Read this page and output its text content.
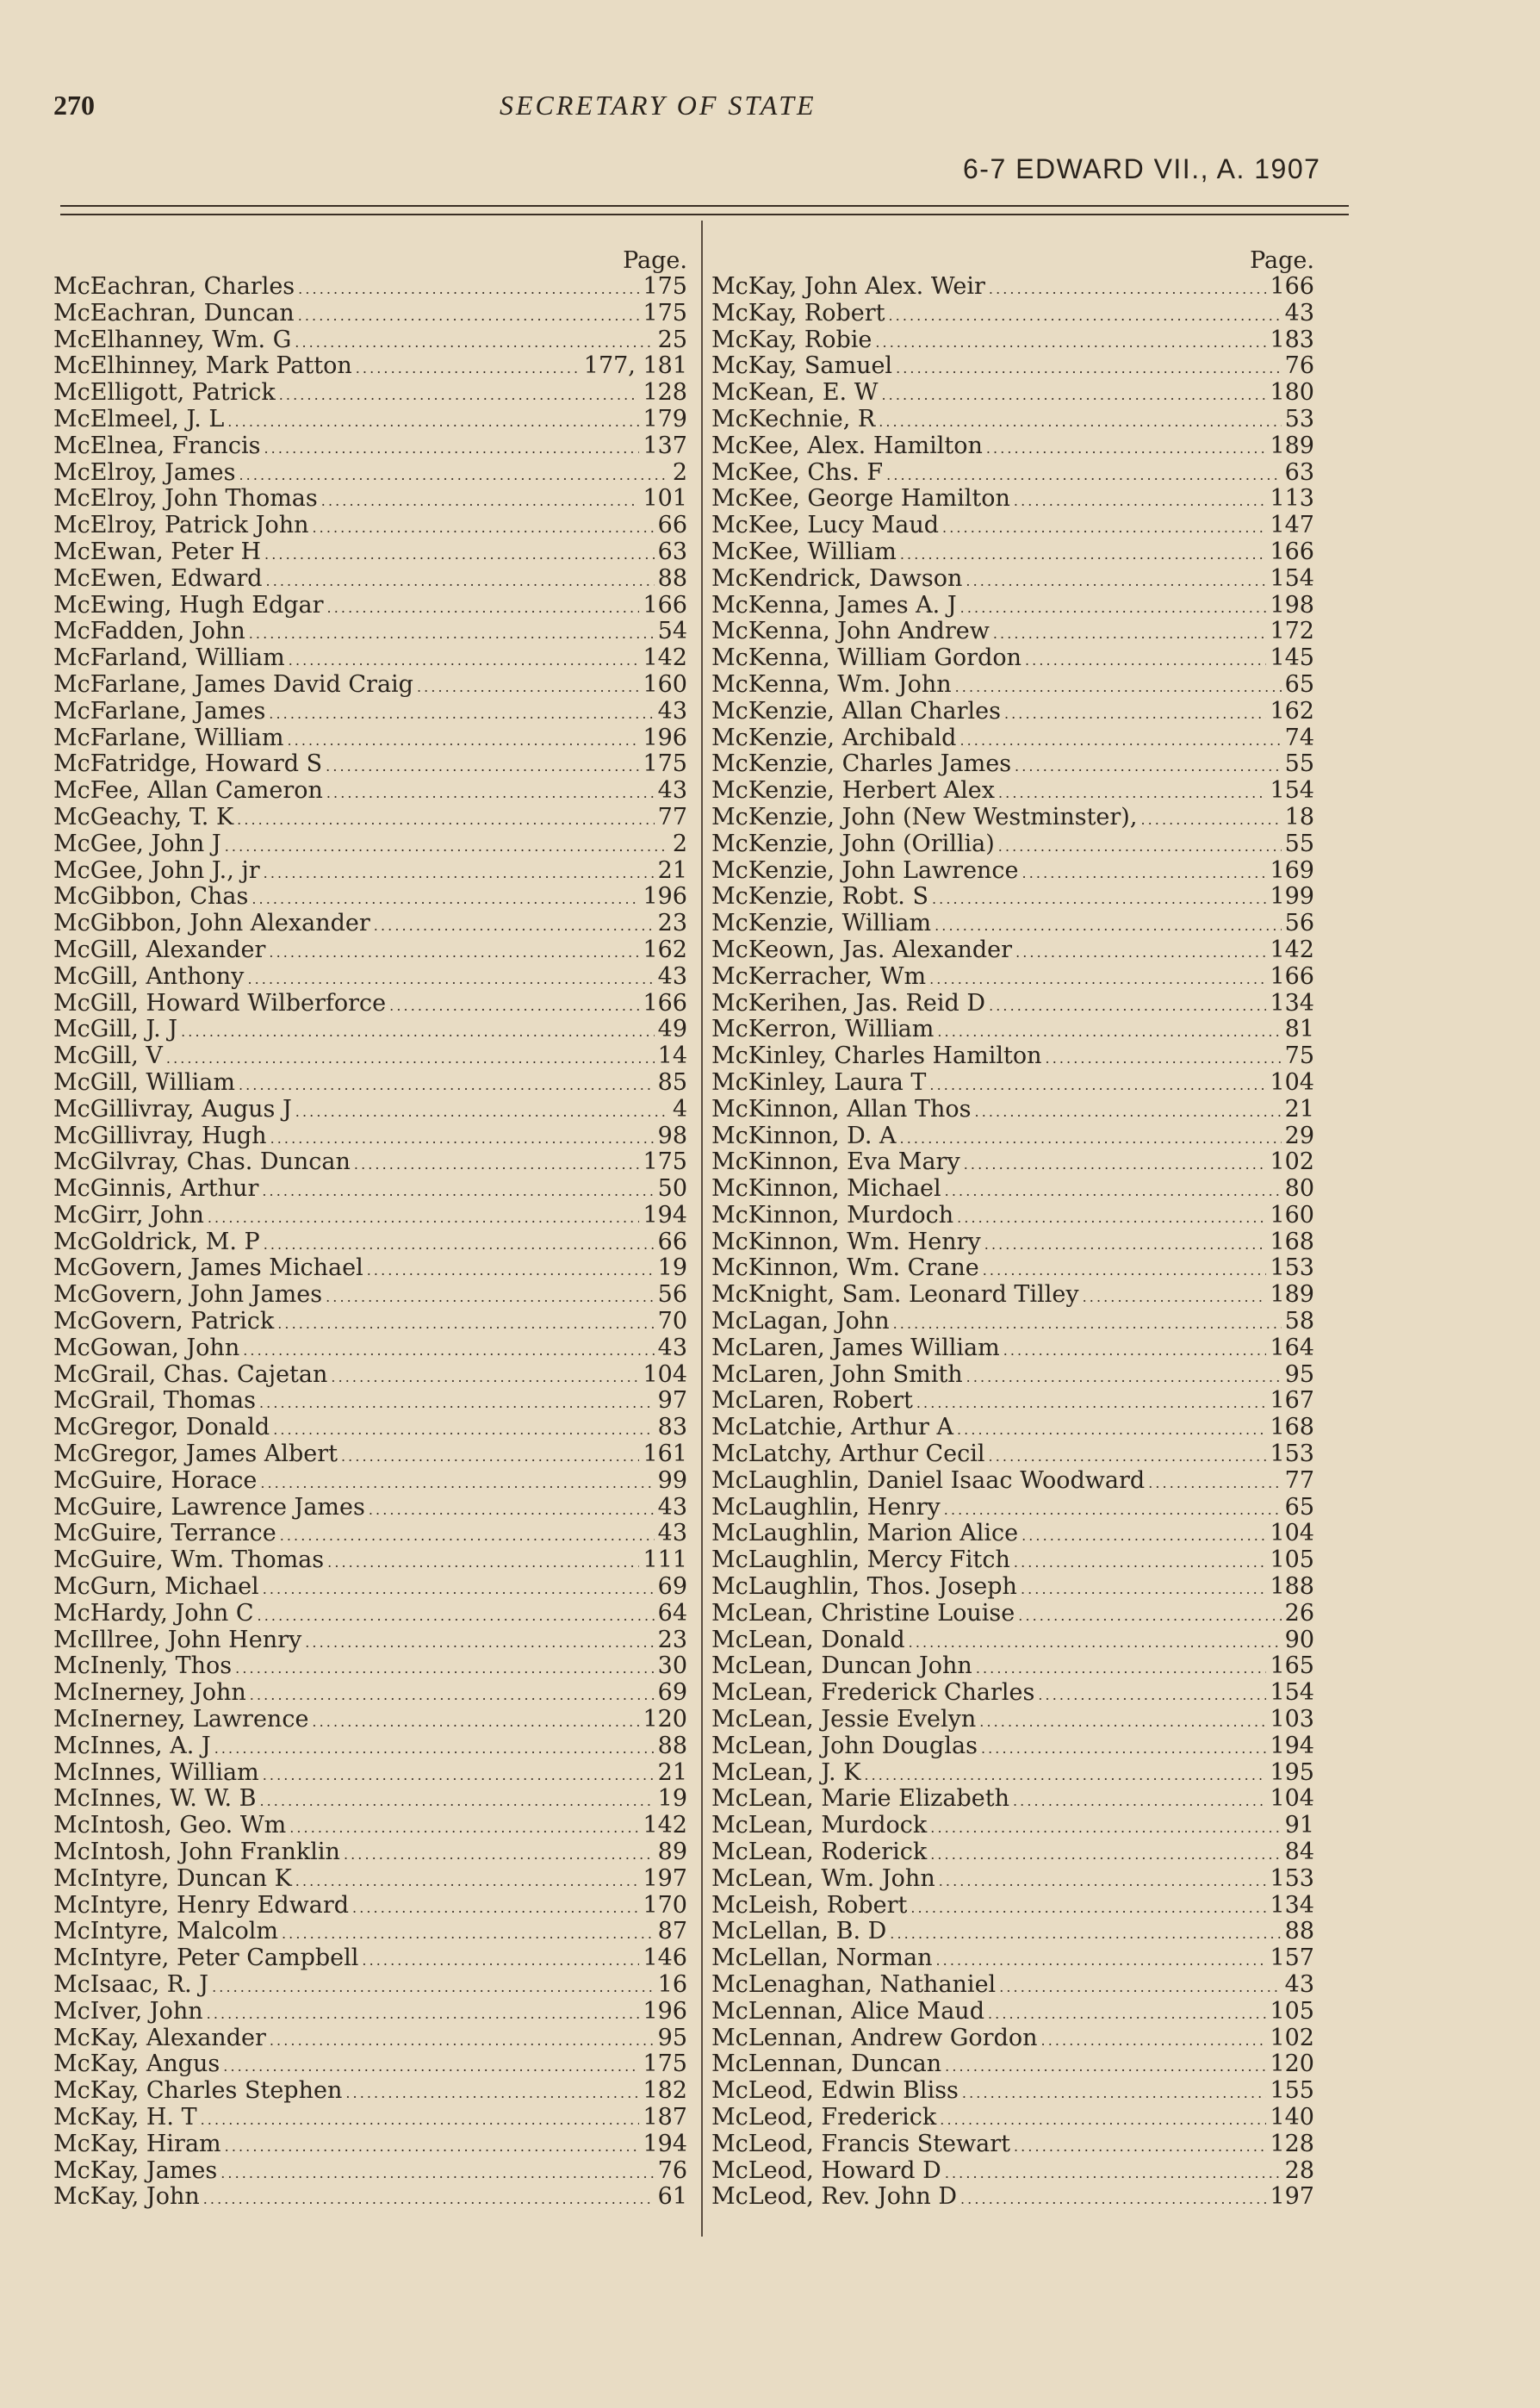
270	SECRETARY OF STATE
6-7 EDWARD VII., A. 1907
Page.
McEachran, Charles . . .	175
McEachran, Duncan . . .	175
McElhanney, Wm. G . . .	25
McElhinney, Mark Patton . . .	177, 181
McElligott, Patrick . . .	128
McElmeel, J. L . . .	179
McElnea, Francis . . .	137
McElroy, James . . .	2
McElroy, John Thomas . . .	101
McElroy, Patrick John . . .	66
McEwan, Peter H . . .	63
McEwen, Edward . . .	88
McEwing, Hugh Edgar . . .	166
McFadden, John . . .	54
McFarland, William . . .	142
McFarlane, James David Craig . . .	160
McFarlane, James . . .	43
McFarlane, William . . .	196
McFatridge, Howard S . . .	175
McFee, Allan Cameron . . .	43
McGeachy, T. K . . .	77
McGee, John J . . .	2
McGee, John J., jr . . .	21
McGibbon, Chas . . .	196
McGibbon, John Alexander . . .	23
McGill, Alexander . . .	162
McGill, Anthony . . .	43
McGill, Howard Wilberforce . . .	166
McGill, J. J . . .	49
McGill, V . . .	14
McGill, William . . .	85
McGillivray, Augus J . . .	4
McGillivray, Hugh . . .	98
McGilvray, Chas. Duncan . . .	175
McGinnis, Arthur . . .	50
McGirr, John . . .	194
McGoldrick, M. P . . .	66
McGovern, James Michael . . .	19
McGovern, John James . . .	56
McGovern, Patrick . . .	70
McGowan, John . . .	43
McGrail, Chas. Cajetan . . .	104
McGrail, Thomas . . .	97
McGregor, Donald . . .	83
McGregor, James Albert . . .	161
McGuire, Horace . . .	99
McGuire, Lawrence James . . .	43
McGuire, Terrance . . .	43
McGuire, Wm. Thomas . . .	111
McGurn, Michael . . .	69
McHardy, John C . . .	64
McIllree, John Henry . . .	23
McInenly, Thos . . .	30
McInerney, John . . .	69
McInerney, Lawrence . . .	120
McInnes, A. J . . .	88
McInnes, William . . .	21
McInnes, W. W. B . . .	19
McIntosh, Geo. Wm . . .	142
McIntosh, John Franklin . . .	89
McIntyre, Duncan K . . .	197
McIntyre, Henry Edward . . .	170
McIntyre, Malcolm . . .	87
McIntyre, Peter Campbell . . .	146
McIsaac, R. J . . .	16
McIver, John . . .	196
McKay, Alexander . . .	95
McKay, Angus . . .	175
McKay, Charles Stephen . . .	182
McKay, H. T . . .	187
McKay, Hiram . . .	194
McKay, James . . .	76
McKay, John . . .	61
Page.
McKay, John Alex. Weir . . .	166
McKay, Robert . . .	43
McKay, Robie . . .	183
McKay, Samuel . . .	76
McKean, E. W . . .	180
McKechnie, R . . .	53
McKee, Alex. Hamilton . . .	189
McKee, Chs. F . . .	63
McKee, George Hamilton . . .	113
McKee, Lucy Maud . . .	147
McKee, William . . .	166
McKendrick, Dawson . . .	154
McKenna, James A. J . . .	198
McKenna, John Andrew . . .	172
McKenna, William Gordon . . .	145
McKenna, Wm. John . . .	65
McKenzie, Allan Charles . . .	162
McKenzie, Archibald . . .	74
McKenzie, Charles James . . .	55
McKenzie, Herbert Alex . . .	154
McKenzie, John (New Westminster), . . .	18
McKenzie, John (Orillia) . . .	55
McKenzie, John Lawrence . . .	169
McKenzie, Robt. S . . .	199
McKenzie, William . . .	56
McKeown, Jas. Alexander . . .	142
McKerracher, Wm . . .	166
McKerihen, Jas. Reid D . . .	134
McKerron, William . . .	81
McKinley, Charles Hamilton . . .	75
McKinley, Laura T . . .	104
McKinnon, Allan Thos . . .	21
McKinnon, D. A . . .	29
McKinnon, Eva Mary . . .	102
McKinnon, Michael . . .	80
McKinnon, Murdoch . . .	160
McKinnon, Wm. Henry . . .	168
McKinnon, Wm. Crane . . .	153
McKnight, Sam. Leonard Tilley . . .	189
McLagan, John . . .	58
McLaren, James William . . .	164
McLaren, John Smith . . .	95
McLaren, Robert . . .	167
McLatchie, Arthur A . . .	168
McLatchy, Arthur Cecil . . .	153
McLaughlin, Daniel Isaac Woodward . . .	77
McLaughlin, Henry . . .	65
McLaughlin, Marion Alice . . .	104
McLaughlin, Mercy Fitch . . .	105
McLaughlin, Thos. Joseph . . .	188
McLean, Christine Louise . . .	26
McLean, Donald . . .	90
McLean, Duncan John . . .	165
McLean, Frederick Charles . . .	154
McLean, Jessie Evelyn . . .	103
McLean, John Douglas . . .	194
McLean, J. K . . .	195
McLean, Marie Elizabeth . . .	104
McLean, Murdock . . .	91
McLean, Roderick . . .	84
McLean, Wm. John . . .	153
McLeish, Robert . . .	134
McLellan, B. D . . .	88
McLellan, Norman . . .	157
McLenaghan, Nathaniel . . .	43
McLennan, Alice Maud . . .	105
McLennan, Andrew Gordon . . .	102
McLennan, Duncan . . .	120
McLeod, Edwin Bliss . . .	155
McLeod, Frederick . . .	140
McLeod, Francis Stewart . . .	128
McLeod, Howard D . . .	28
McLeod, Rev. John D . . .	197
